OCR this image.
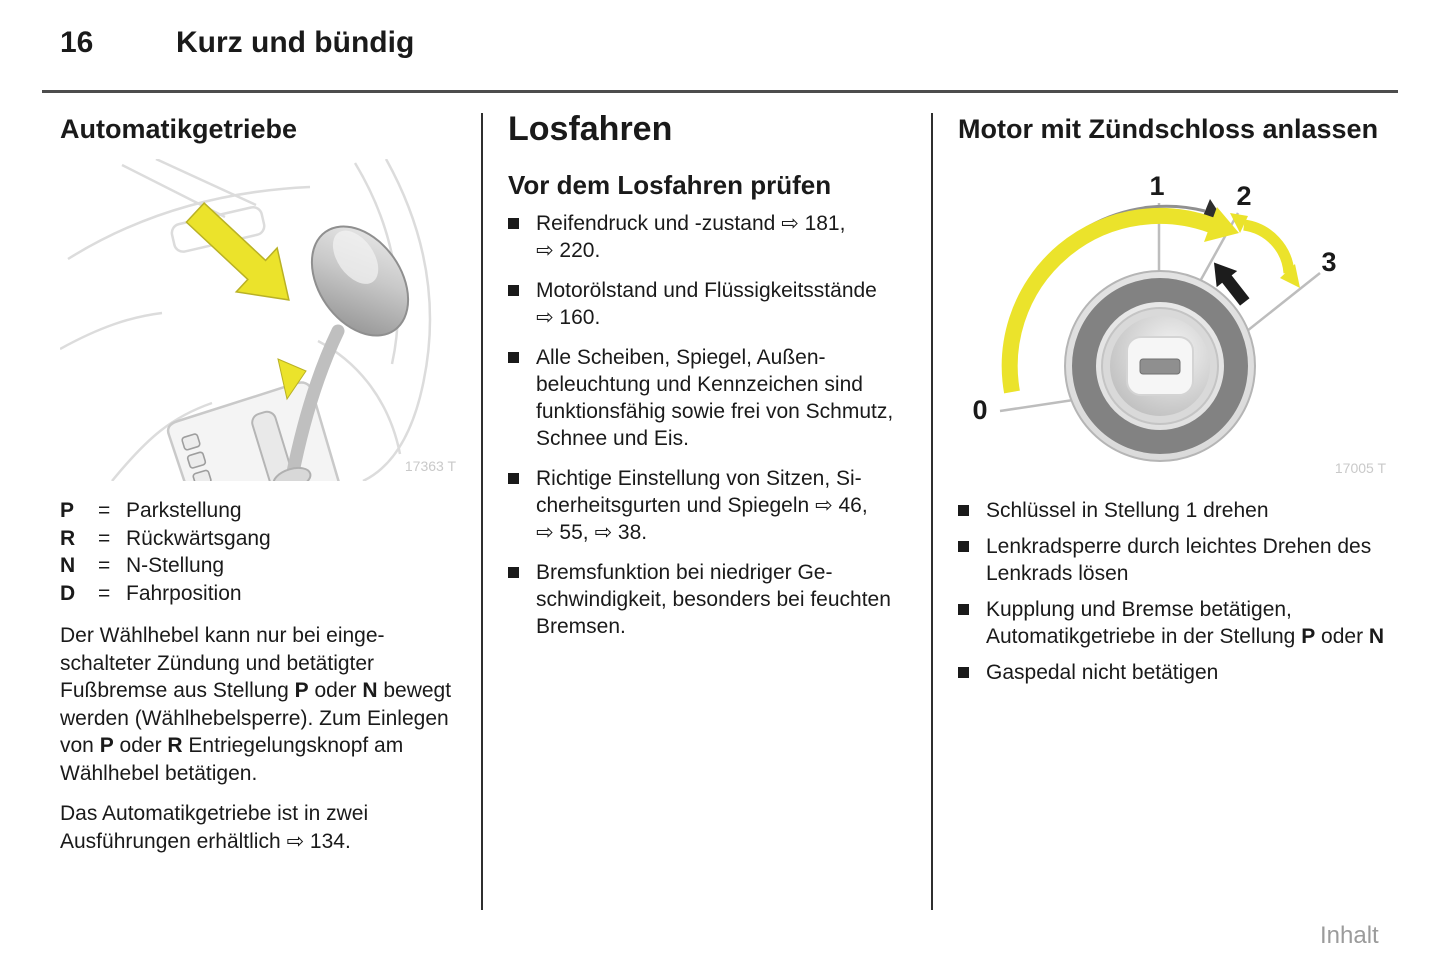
16	Kurz und bündig
Automatikgetriebe
17363 T
P	= Parkstellung
R	= Rückwärtsgang
N	= N-Stellung
D	= Fahrposition

Der Wählhebel kann nur bei eingeschalteter Zündung und betätigter Fußbremse aus Stellung P oder N bewegt werden (Wählhebelsperre). Zum Einlegen von P oder R Entriegelungsknopf am Wählhebel betätigen.

Das Automatikgetriebe ist in zwei Ausführungen erhältlich ⇨ 134.

Losfahren
Vor dem Losfahren prüfen
Reifendruck und -zustand ⇨ 181, ⇨ 220.
Motorölstand und Flüssigkeitsstände ⇨ 160.
Alle Scheiben, Spiegel, Außenbeleuchtung und Kennzeichen sind funktionsfähig sowie frei von Schmutz, Schnee und Eis.
Richtige Einstellung von Sitzen, Sicherheitsgurten und Spiegeln ⇨ 46, ⇨ 55, ⇨ 38.
Bremsfunktion bei niedriger Geschwindigkeit, besonders bei feuchten Bremsen.
Motor mit Zündschloss anlassen
0
1	2
3
17005 T
Schlüssel in Stellung 1 drehen
Lenkradsperre durch leichtes Drehen des Lenkrads lösen
Kupplung und Bremse betätigen, Automatikgetriebe in der Stellung P oder N
Gaspedal nicht betätigen
Inhalt
